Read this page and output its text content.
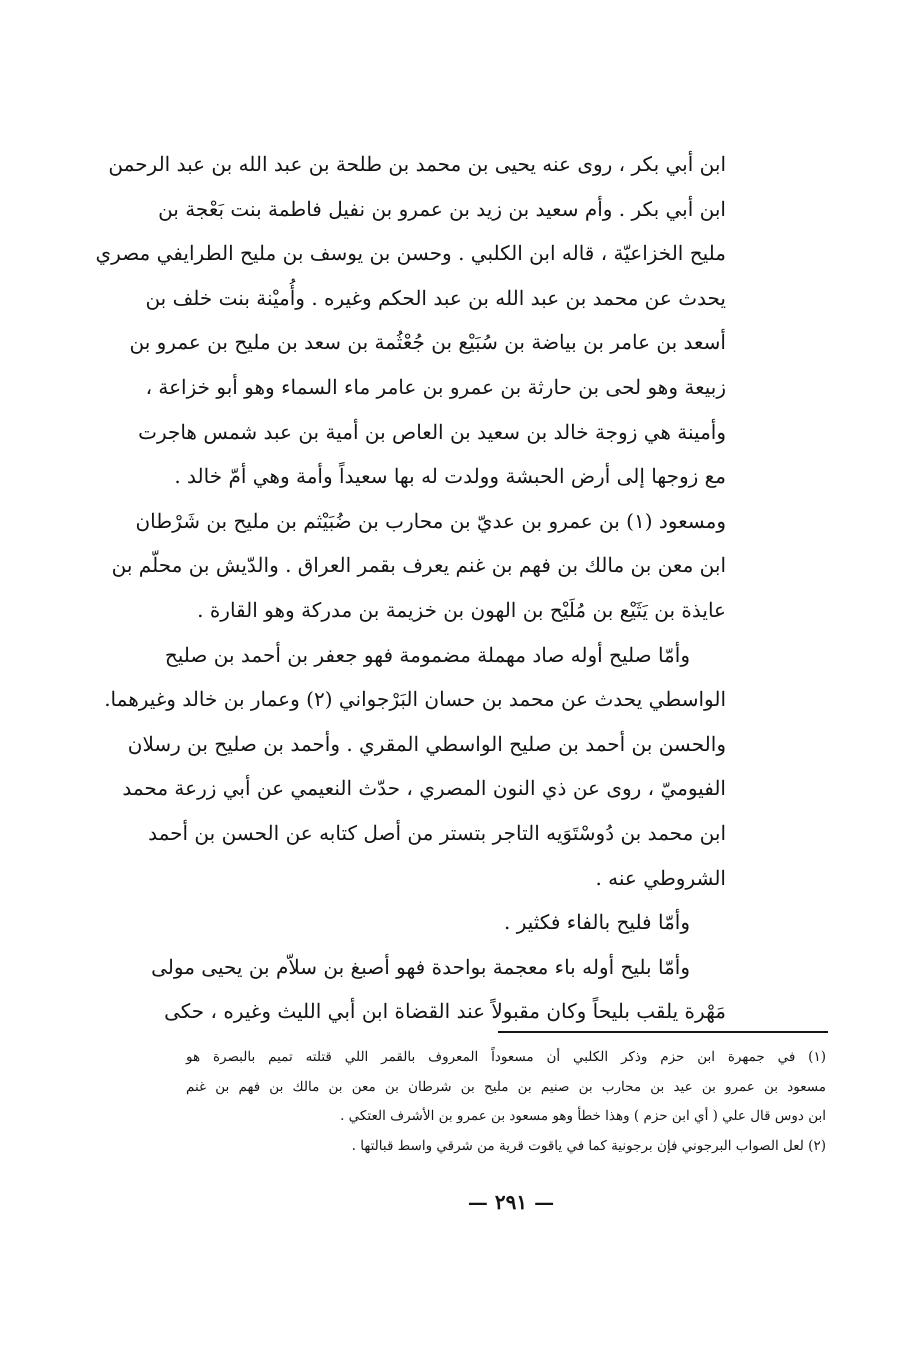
ابن أبي بكر ، روى عنه يحيى بن محمد بن طلحة بن عبد الله بن عبد الرحمن
ابن أبي بكر . وأم سعيد بن زيد بن عمرو بن نفيل فاطمة بنت بَعْجة بن
مليح الخزاعيّة ، قاله ابن الكلبي . وحسن بن يوسف بن مليح الطرايفي مصري
يحدث عن محمد بن عبد الله بن عبد الحكم وغيره . وأُميْنة بنت خلف بن
أسعد بن عامر بن بياضة بن سُبَيْع بن جُعْثُمة بن سعد بن مليح بن عمرو بن
زبيعة وهو لحى بن حارثة بن عمرو بن عامر ماء السماء وهو أبو خزاعة ،
وأمينة هي زوجة خالد بن سعيد بن العاص بن أمية بن عبد شمس هاجرت
مع زوجها إلى أرض الحبشة وولدت له بها سعيداً وأمة وهي أمّ خالد .
ومسعود (١) بن عمرو بن عديّ بن محارب بن ضُبَيْثم بن مليح بن شَرْطان
ابن معن بن مالك بن فهم بن غنم يعرف بقمر العراق . والدّيش بن محلّم بن
عايذة بن يَثَيْع بن مُلَيْح بن الهون بن خزيمة بن مدركة وهو القارة .
وأمّا صليح أوله صاد مهملة مضمومة فهو جعفر بن أحمد بن صليح
الواسطي يحدث عن محمد بن حسان البَرْجواني (٢) وعمار بن خالد وغيرهما.
والحسن بن أحمد بن صليح الواسطي المقري . وأحمد بن صليح بن رسلان
الفيوميّ ، روى عن ذي النون المصري ، حدّث النعيمي عن أبي زرعة محمد
ابن محمد بن دُوسْتَوَيه التاجر بتستر من أصل كتابه عن الحسن بن أحمد
الشروطي عنه .
وأمّا فليح بالفاء فكثير .
وأمّا بليح أوله باء معجمة بواحدة فهو أصبغ بن سلاّم بن يحيى مولى
مَهْرة يلقب بليحاً وكان مقبولاً عند القضاة ابن أبي الليث وغيره ، حكى
(١) في جمهرة ابن حزم وذكر الكلبي أن مسعوداً المعروف بالقمر اللي قتلته تميم بالبصرة هو
مسعود بن عمرو بن عيد بن محارب بن صنيم بن مليح بن شرطان بن معن بن مالك بن فهم بن غنم
ابن دوس قال علي ( أي ابن حزم ) وهذا خطأ وهو مسعود بن عمرو بن الأشرف العتكي .
(٢) لعل الصواب البرجوني فإن برجونية كما في ياقوت قرية من شرقي واسط قبالتها .
— ٢٩١ —
